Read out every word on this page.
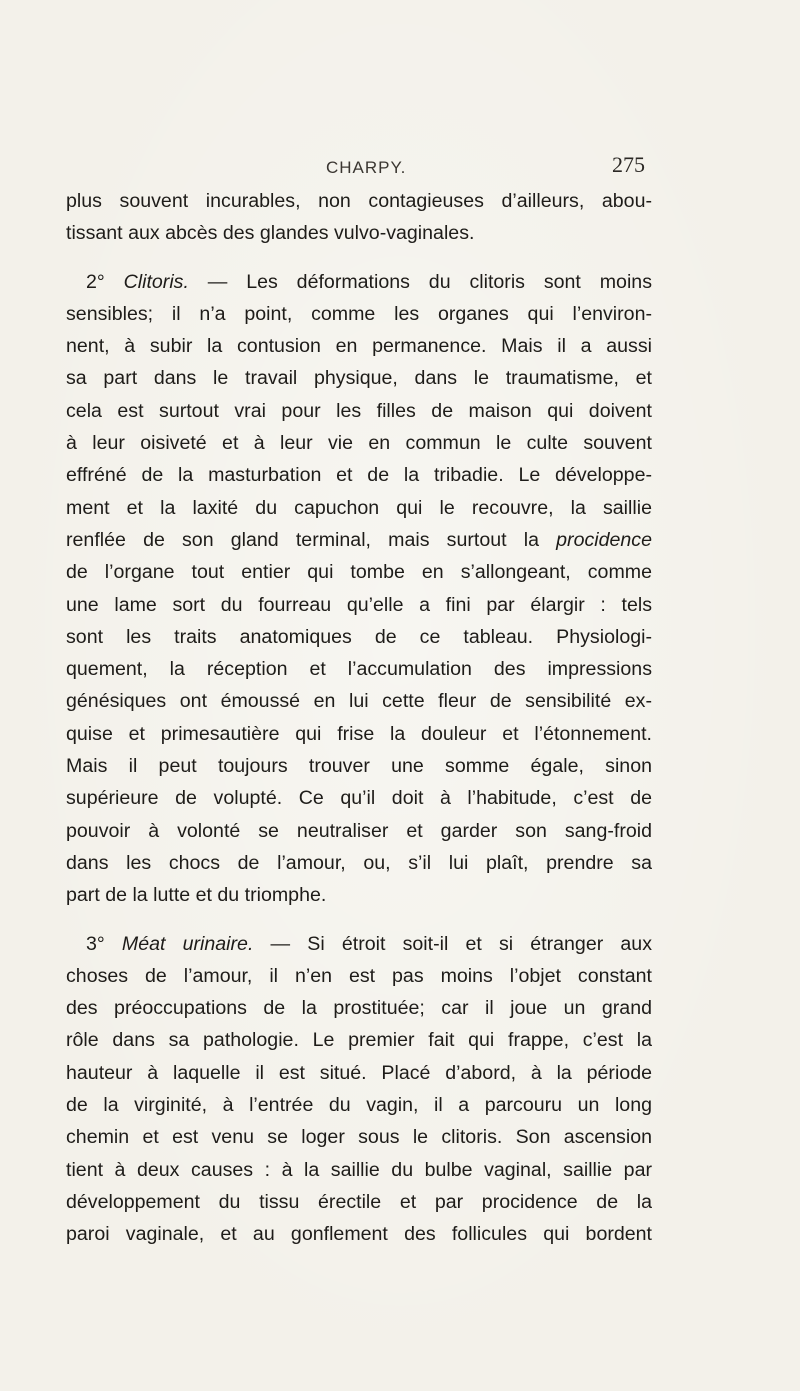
CHARPY.	275
plus souvent incurables, non contagieuses d’ailleurs, abou-
tissant aux abcès des glandes vulvo-vaginales.
2° Clitoris. — Les déformations du clitoris sont moins
sensibles; il n’a point, comme les organes qui l’environ-
nent, à subir la contusion en permanence. Mais il a aussi
sa part dans le travail physique, dans le traumatisme, et
cela est surtout vrai pour les filles de maison qui doivent
à leur oisiveté et à leur vie en commun le culte souvent
effréné de la masturbation et de la tribadie. Le développe-
ment et la laxité du capuchon qui le recouvre, la saillie
renflée de son gland terminal, mais surtout la procidence
de l’organe tout entier qui tombe en s’allongeant, comme
une lame sort du fourreau qu’elle a fini par élargir : tels
sont les traits anatomiques de ce tableau. Physiologi-
quement, la réception et l’accumulation des impressions
génésiques ont émoussé en lui cette fleur de sensibilité ex-
quise et primesautière qui frise la douleur et l’étonnement.
Mais il peut toujours trouver une somme égale, sinon
supérieure de volupté. Ce qu’il doit à l’habitude, c’est de
pouvoir à volonté se neutraliser et garder son sang-froid
dans les chocs de l’amour, ou, s’il lui plaît, prendre sa
part de la lutte et du triomphe.
3° Méat urinaire. — Si étroit soit-il et si étranger aux
choses de l’amour, il n’en est pas moins l’objet constant
des préoccupations de la prostituée; car il joue un grand
rôle dans sa pathologie. Le premier fait qui frappe, c’est la
hauteur à laquelle il est situé. Placé d’abord, à la période
de la virginité, à l’entrée du vagin, il a parcouru un long
chemin et est venu se loger sous le clitoris. Son ascension
tient à deux causes : à la saillie du bulbe vaginal, saillie par
développement du tissu érectile et par procidence de la
paroi vaginale, et au gonflement des follicules qui bordent
